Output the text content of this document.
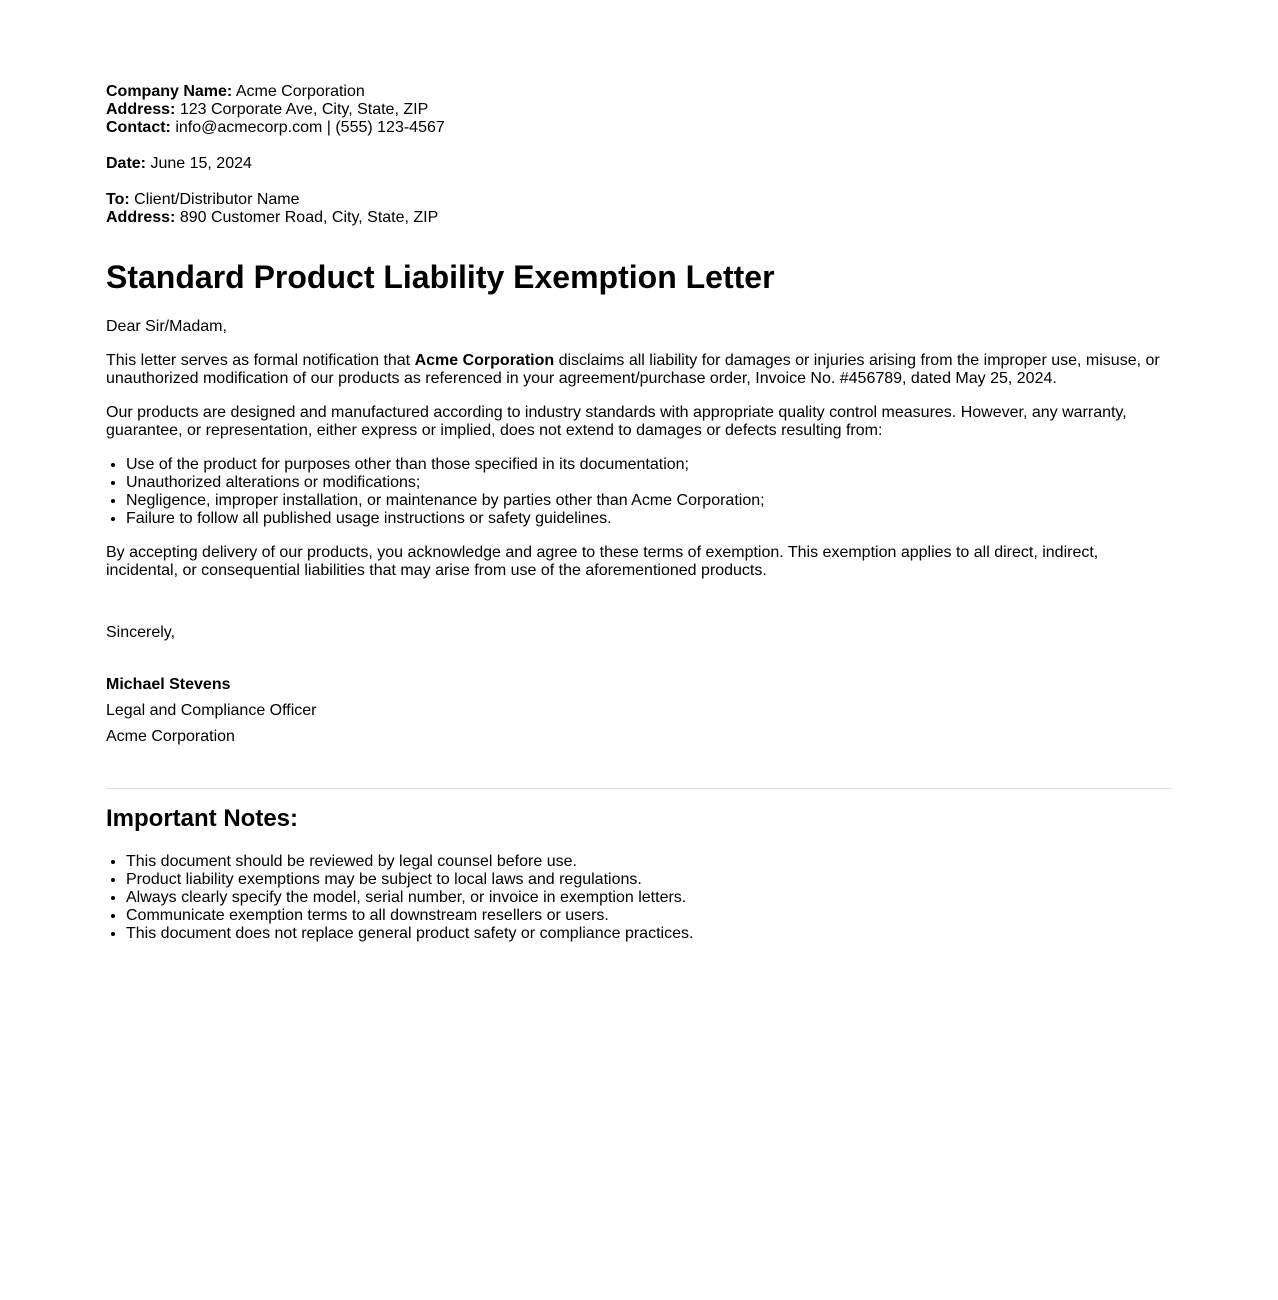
Company Name: Acme Corporation
Address: 123 Corporate Ave, City, State, ZIP
Contact: info@acmecorp.com | (555) 123-4567
Date: June 15, 2024
To: Client/Distributor Name
Address: 890 Customer Road, City, State, ZIP
Standard Product Liability Exemption Letter

Dear Sir/Madam,

This letter serves as formal notification that Acme Corporation disclaims all liability for damages or injuries arising from the improper use, misuse, or unauthorized modification of our products as referenced in your agreement/purchase order, Invoice No. #456789, dated May 25, 2024.

Our products are designed and manufactured according to industry standards with appropriate quality control measures. However, any warranty, guarantee, or representation, either express or implied, does not extend to damages or defects resulting from:

• Use of the product for purposes other than those specified in its documentation;
• Unauthorized alterations or modifications;
• Negligence, improper installation, or maintenance by parties other than Acme Corporation;
• Failure to follow all published usage instructions or safety guidelines.

By accepting delivery of our products, you acknowledge and agree to these terms of exemption. This exemption applies to all direct, indirect, incidental, or consequential liabilities that may arise from use of the aforementioned products.

Sincerely,

Michael Stevens
Legal and Compliance Officer
Acme Corporation
Important Notes:
• This document should be reviewed by legal counsel before use.
• Product liability exemptions may be subject to local laws and regulations.
• Always clearly specify the model, serial number, or invoice in exemption letters.
• Communicate exemption terms to all downstream resellers or users.
• This document does not replace general product safety or compliance practices.
